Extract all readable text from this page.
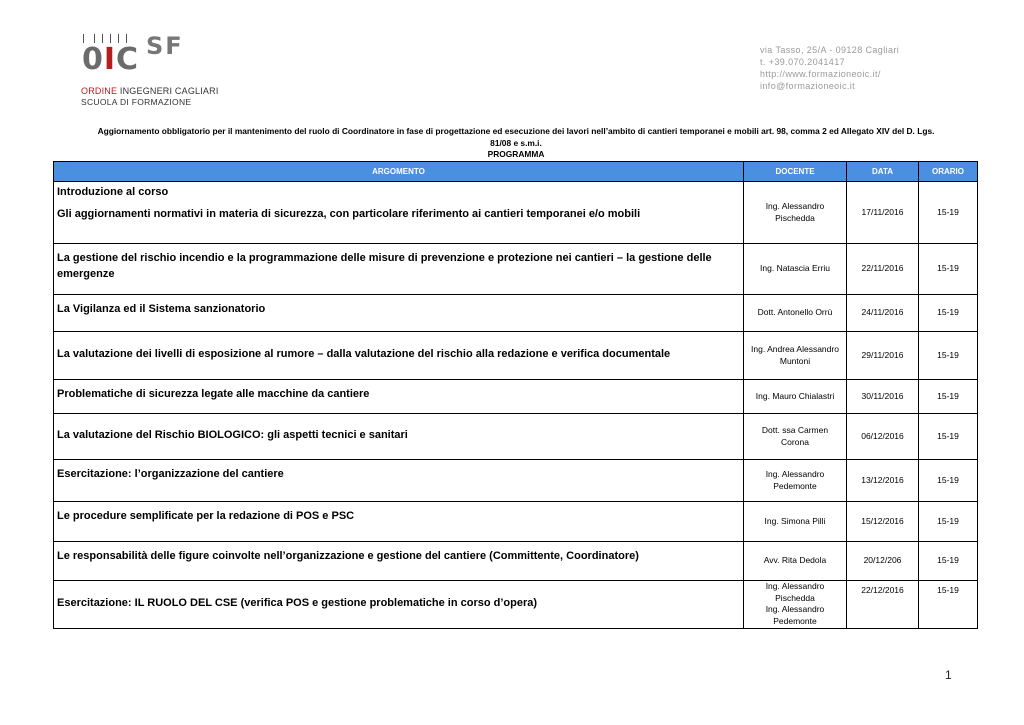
0IC SF
ORDINE INGEGNERI CAGLIARI
SCUOLA DI FORMAZIONE
via Tasso, 25/A - 09128 Cagliari
t. +39.070.2041417
http://www.formazioneoic.it/
info@formazioneoic.it
Aggiornamento obbligatorio per il mantenimento del ruolo di Coordinatore in fase di progettazione ed esecuzione dei lavori nell’ambito di cantieri temporanei e mobili art. 98, comma 2 ed Allegato XIV del D. Lgs.
81/08 e s.m.i.
PROGRAMMA
ARGOMENTO	DOCENTE	DATA	ORARIO

Introduzione al corso
Gli aggiornamenti normativi in materia di sicurezza, con particolare riferimento ai cantieri temporanei e/o mobili	Ing. Alessandro
Pischedda	17/11/2016	15-19

La gestione del rischio incendio e la programmazione delle misure di prevenzione e protezione nei cantieri – la gestione delle emergenze	Ing. Natascia Erriu	22/11/2016	15-19

La Vigilanza ed il Sistema sanzionatorio	Dott. Antonello Orrù	24/11/2016	15-19

La valutazione dei livelli di esposizione al rumore – dalla valutazione del rischio alla redazione e verifica documentale	Ing. Andrea Alessandro
Muntoni	29/11/2016	15-19

Problematiche di sicurezza legate alle macchine da cantiere	Ing. Mauro Chialastri	30/11/2016	15-19

La valutazione del Rischio BIOLOGICO: gli aspetti tecnici e sanitari	Dott. ssa Carmen
Corona	06/12/2016	15-19

Esercitazione: l’organizzazione del cantiere	Ing. Alessandro
Pedemonte	13/12/2016	15-19

Le procedure semplificate per la redazione di POS e PSC	Ing. Simona Pilli	15/12/2016	15-19

Le responsabilità delle figure coinvolte nell’organizzazione e gestione del cantiere (Committente, Coordinatore)	Avv. Rita Dedola	20/12/206	15-19

Esercitazione: IL RUOLO DEL CSE (verifica POS e gestione problematiche in corso d’opera)	Ing. Alessandro
Pischedda
Ing. Alessandro
Pedemonte	22/12/2016	15-19
1
